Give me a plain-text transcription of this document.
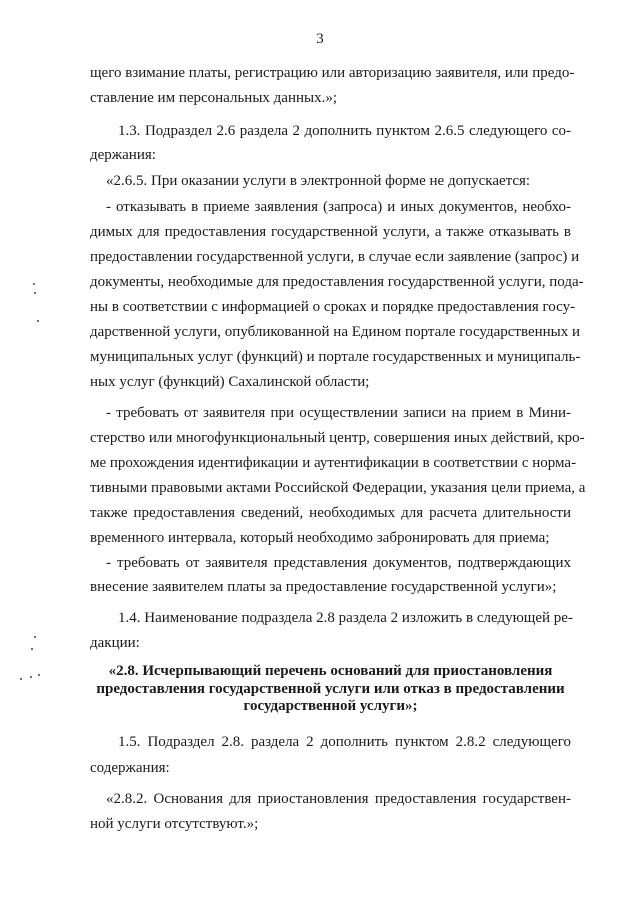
3
щего взимание платы, регистрацию или авторизацию заявителя, или предо-
ставление им персональных данных.»;
1.3. Подраздел 2.6 раздела 2 дополнить пунктом 2.6.5 следующего со-
держания:
«2.6.5. При оказании услуги в электронной форме не допускается:
- отказывать в приеме заявления (запроса) и иных документов, необхо-
димых для предоставления государственной услуги, а также отказывать в
предоставлении государственной услуги, в случае если заявление (запрос) и
документы, необходимые для предоставления государственной услуги, пода-
ны в соответствии с информацией о сроках и порядке предоставления госу-
дарственной услуги, опубликованной на Едином портале государственных и
муниципальных услуг (функций) и портале государственных и муниципаль-
ных услуг (функций) Сахалинской области;
- требовать от заявителя при осуществлении записи на прием в Мини-
стерство или многофункциональный центр, совершения иных действий, кро-
ме прохождения идентификации и аутентификации в соответствии с норма-
тивными правовыми актами Российской Федерации, указания цели приема, а
также предоставления сведений, необходимых для расчета длительности
временного интервала, который необходимо забронировать для приема;
- требовать от заявителя представления документов, подтверждающих
внесение заявителем платы за предоставление государственной услуги»;
1.4. Наименование подраздела 2.8 раздела 2 изложить в следующей ре-
дакции:
«2.8. Исчерпывающий перечень оснований для приостановления
предоставления государственной услуги или отказ в предоставлении
государственной услуги»;
1.5. Подраздел 2.8. раздела 2 дополнить пунктом 2.8.2 следующего
содержания:
«2.8.2. Основания для приостановления предоставления государствен-
ной услуги отсутствуют.»;
